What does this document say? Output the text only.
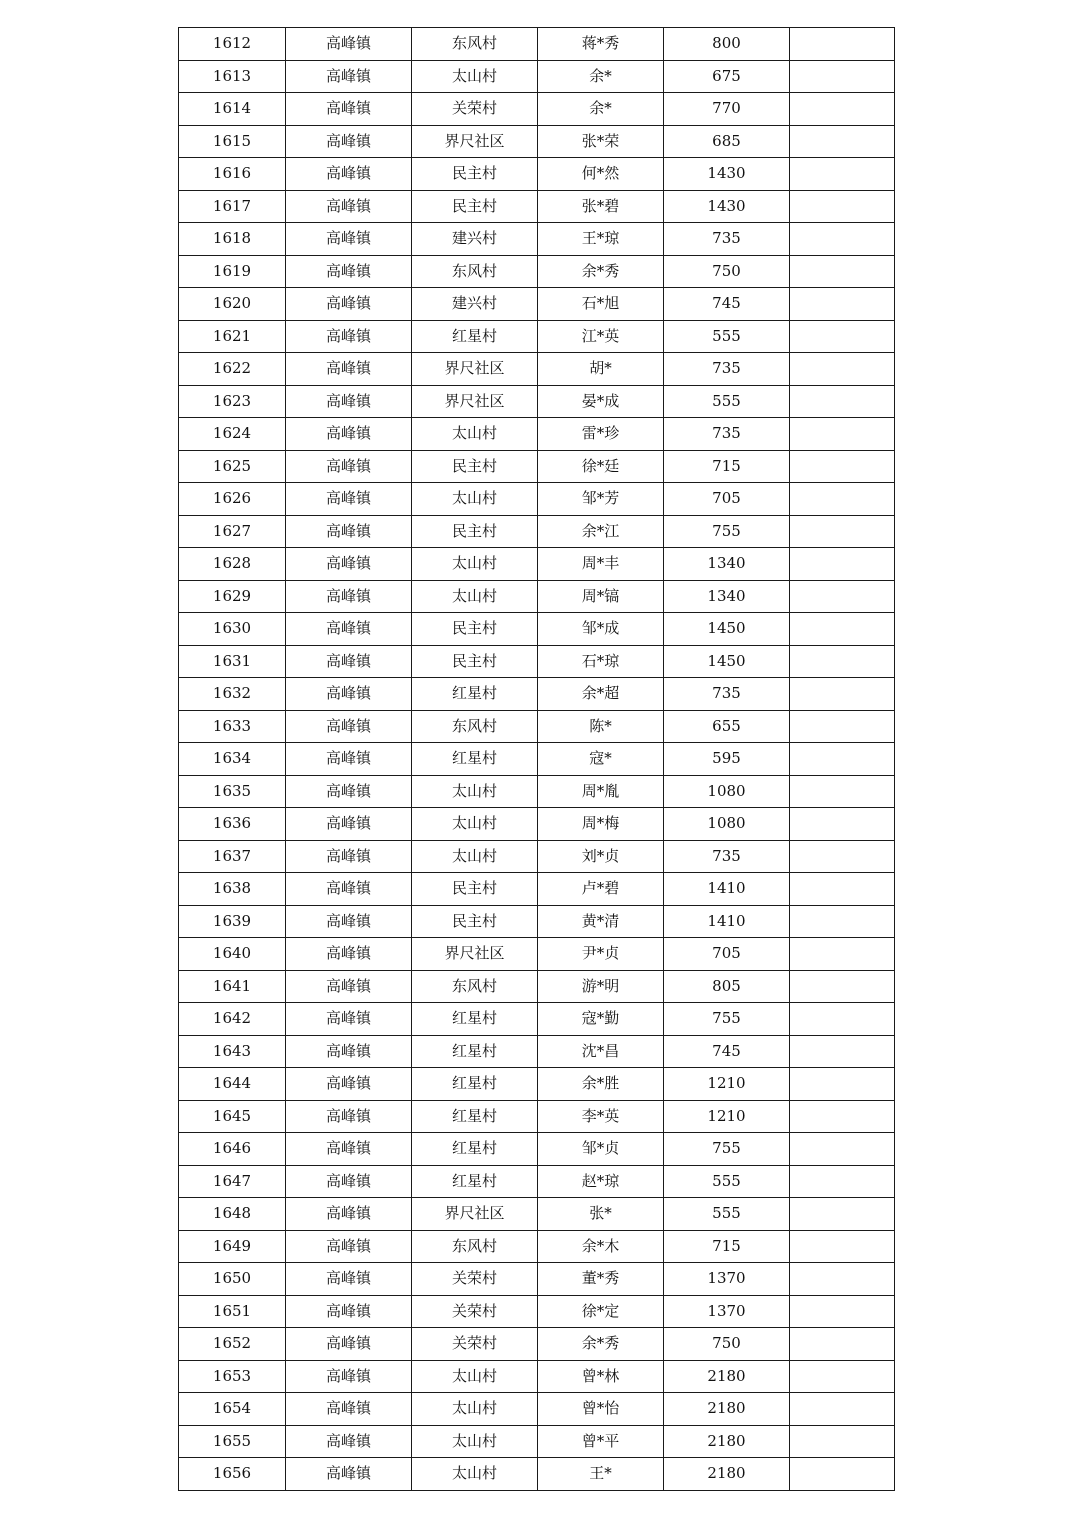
1612	高峰镇	东风村	蒋*秀	800	
1613	高峰镇	太山村	余*	675	
1614	高峰镇	关荣村	余*	770	
1615	高峰镇	界尺社区	张*荣	685	
1616	高峰镇	民主村	何*然	1430	
1617	高峰镇	民主村	张*碧	1430	
1618	高峰镇	建兴村	王*琼	735	
1619	高峰镇	东风村	余*秀	750	
1620	高峰镇	建兴村	石*旭	745	
1621	高峰镇	红星村	江*英	555	
1622	高峰镇	界尺社区	胡*	735	
1623	高峰镇	界尺社区	晏*成	555	
1624	高峰镇	太山村	雷*珍	735	
1625	高峰镇	民主村	徐*廷	715	
1626	高峰镇	太山村	邹*芳	705	
1627	高峰镇	民主村	余*江	755	
1628	高峰镇	太山村	周*丰	1340	
1629	高峰镇	太山村	周*镐	1340	
1630	高峰镇	民主村	邹*成	1450	
1631	高峰镇	民主村	石*琼	1450	
1632	高峰镇	红星村	余*超	735	
1633	高峰镇	东风村	陈*	655	
1634	高峰镇	红星村	寇*	595	
1635	高峰镇	太山村	周*胤	1080	
1636	高峰镇	太山村	周*梅	1080	
1637	高峰镇	太山村	刘*贞	735	
1638	高峰镇	民主村	卢*碧	1410	
1639	高峰镇	民主村	黄*清	1410	
1640	高峰镇	界尺社区	尹*贞	705	
1641	高峰镇	东风村	游*明	805	
1642	高峰镇	红星村	寇*勤	755	
1643	高峰镇	红星村	沈*昌	745	
1644	高峰镇	红星村	余*胜	1210	
1645	高峰镇	红星村	李*英	1210	
1646	高峰镇	红星村	邹*贞	755	
1647	高峰镇	红星村	赵*琼	555	
1648	高峰镇	界尺社区	张*	555	
1649	高峰镇	东风村	余*木	715	
1650	高峰镇	关荣村	董*秀	1370	
1651	高峰镇	关荣村	徐*定	1370	
1652	高峰镇	关荣村	余*秀	750	
1653	高峰镇	太山村	曾*林	2180	
1654	高峰镇	太山村	曾*怡	2180	
1655	高峰镇	太山村	曾*平	2180	
1656	高峰镇	太山村	王*	2180	
